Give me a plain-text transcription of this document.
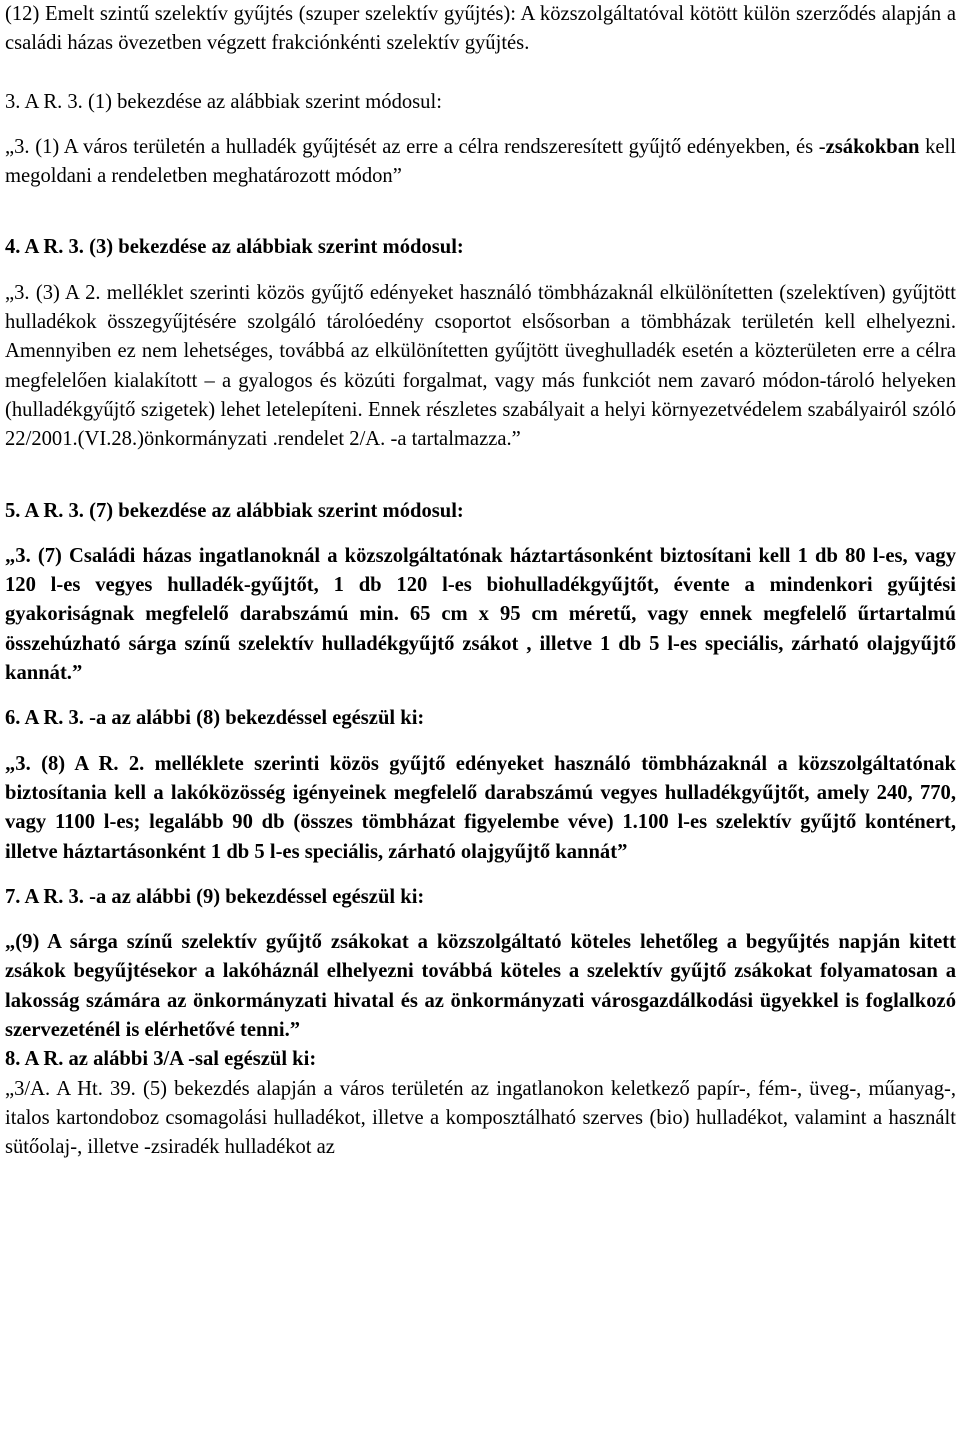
(12) Emelt szintű szelektív gyűjtés (szuper szelektív gyűjtés): A közszolgáltatóval kötött külön szerződés alapján a családi házas övezetben végzett frakciónkénti szelektív gyűjtés.

3. A R. 3. (1) bekezdése az alábbiak szerint módosul:

„3. (1) A város területén a hulladék gyűjtését az erre a célra rendszeresített gyűjtő edényekben, és -zsákokban kell megoldani a rendeletben meghatározott módon”

4. A R. 3. (3) bekezdése az alábbiak szerint módosul:

„3. (3) A 2. melléklet szerinti közös gyűjtő edényeket használó tömbházaknál elkülönítetten (szelektíven) gyűjtött hulladékok összegyűjtésére szolgáló tárolóedény csoportot elsősorban a tömbházak területén kell elhelyezni. Amennyiben ez nem lehetséges, továbbá az elkülönítetten gyűjtött üveghulladék esetén a közterületen erre a célra megfelelően kialakított – a gyalogos és közúti forgalmat, vagy más funkciót nem zavaró módon-tároló helyeken (hulladékgyűjtő szigetek) lehet letelepíteni. Ennek részletes szabályait a helyi környezetvédelem szabályairól szóló 22/2001.(VI.28.)önkormányzati .rendelet 2/A. -a tartalmazza.”

5. A R. 3. (7) bekezdése az alábbiak szerint módosul:

„3. (7) Családi házas ingatlanoknál a közszolgáltatónak háztartásonként biztosítani kell 1 db 80 l-es, vagy 120 l-es vegyes hulladék-gyűjtőt, 1 db 120 l-es biohulladékgyűjtőt, évente a mindenkori gyűjtési gyakoriságnak megfelelő darabszámú min. 65 cm x 95 cm méretű, vagy ennek megfelelő űrtartalmú összehúzható sárga színű szelektív hulladékgyűjtő zsákot , illetve 1 db 5 l-es speciális, zárható olajgyűjtő kannát.”

6. A R. 3. -a az alábbi (8) bekezdéssel egészül ki:

„3. (8) A R. 2. melléklete szerinti közös gyűjtő edényeket használó tömbházaknál a közszolgáltatónak biztosítania kell a lakóközösség igényeinek megfelelő darabszámú vegyes hulladékgyűjtőt, amely 240, 770, vagy 1100 l-es; legalább 90 db (összes tömbházat figyelembe véve) 1.100 l-es szelektív gyűjtő konténert, illetve háztartásonként 1 db 5 l-es speciális, zárható olajgyűjtő kannát”

7. A R. 3. -a az alábbi (9) bekezdéssel egészül ki:

„(9) A sárga színű szelektív gyűjtő zsákokat a közszolgáltató köteles lehetőleg a begyűjtés napján kitett zsákok begyűjtésekor a lakóháznál elhelyezni továbbá köteles a szelektív gyűjtő zsákokat folyamatosan a lakosság számára az önkormányzati hivatal és az önkormányzati városgazdálkodási ügyekkel is foglalkozó szervezeténél is elérhetővé tenni.”

8. A R. az alábbi 3/A -sal egészül ki:

„3/A. A Ht. 39. (5) bekezdés alapján a város területén az ingatlanokon keletkező papír-, fém-, üveg-, műanyag-, italos kartondoboz csomagolási hulladékot, illetve a komposztálható szerves (bio) hulladékot, valamint a használt sütőolaj-, illetve -zsiradék hulladékot az
